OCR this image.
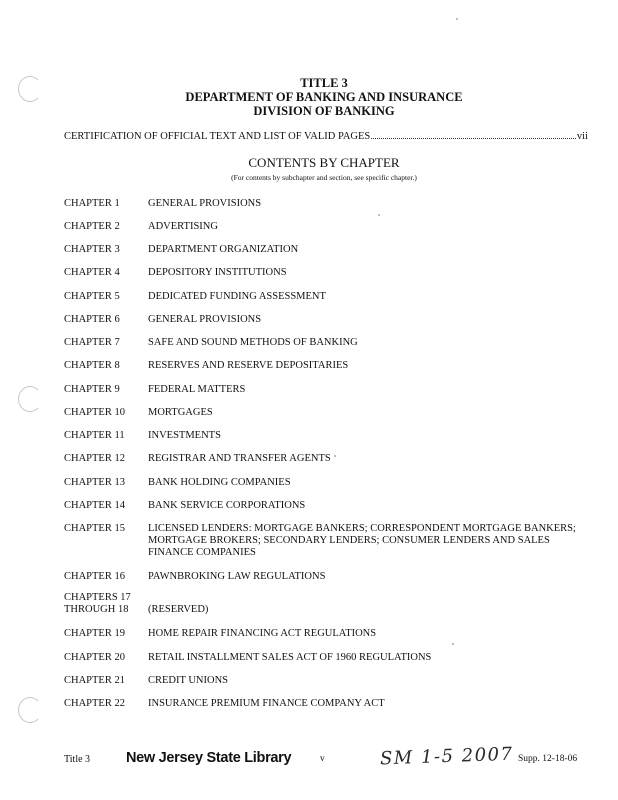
TITLE 3
DEPARTMENT OF BANKING AND INSURANCE
DIVISION OF BANKING
CERTIFICATION OF OFFICIAL TEXT AND LIST OF VALID PAGES	vii
CONTENTS BY CHAPTER
(For contents by subchapter and section, see specific chapter.)
CHAPTER 1	GENERAL PROVISIONS
CHAPTER 2	ADVERTISING
CHAPTER 3	DEPARTMENT ORGANIZATION
CHAPTER 4	DEPOSITORY INSTITUTIONS
CHAPTER 5	DEDICATED FUNDING ASSESSMENT
CHAPTER 6	GENERAL PROVISIONS
CHAPTER 7	SAFE AND SOUND METHODS OF BANKING
CHAPTER 8	RESERVES AND RESERVE DEPOSITARIES
CHAPTER 9	FEDERAL MATTERS
CHAPTER 10	MORTGAGES
CHAPTER 11	INVESTMENTS
CHAPTER 12	REGISTRAR AND TRANSFER AGENTS
CHAPTER 13	BANK HOLDING COMPANIES
CHAPTER 14	BANK SERVICE CORPORATIONS
CHAPTER 15	LICENSED LENDERS: MORTGAGE BANKERS; CORRESPONDENT MORTGAGE BANKERS; MORTGAGE BROKERS; SECONDARY LENDERS; CONSUMER LENDERS AND SALES FINANCE COMPANIES
CHAPTER 16	PAWNBROKING LAW REGULATIONS
CHAPTERS 17
THROUGH 18	(RESERVED)
CHAPTER 19	HOME REPAIR FINANCING ACT REGULATIONS
CHAPTER 20	RETAIL INSTALLMENT SALES ACT OF 1960 REGULATIONS
CHAPTER 21	CREDIT UNIONS
CHAPTER 22	INSURANCE PREMIUM FINANCE COMPANY ACT
Title 3 New Jersey State Library	v	SM 1-5 2007 Supp. 12-18-06
